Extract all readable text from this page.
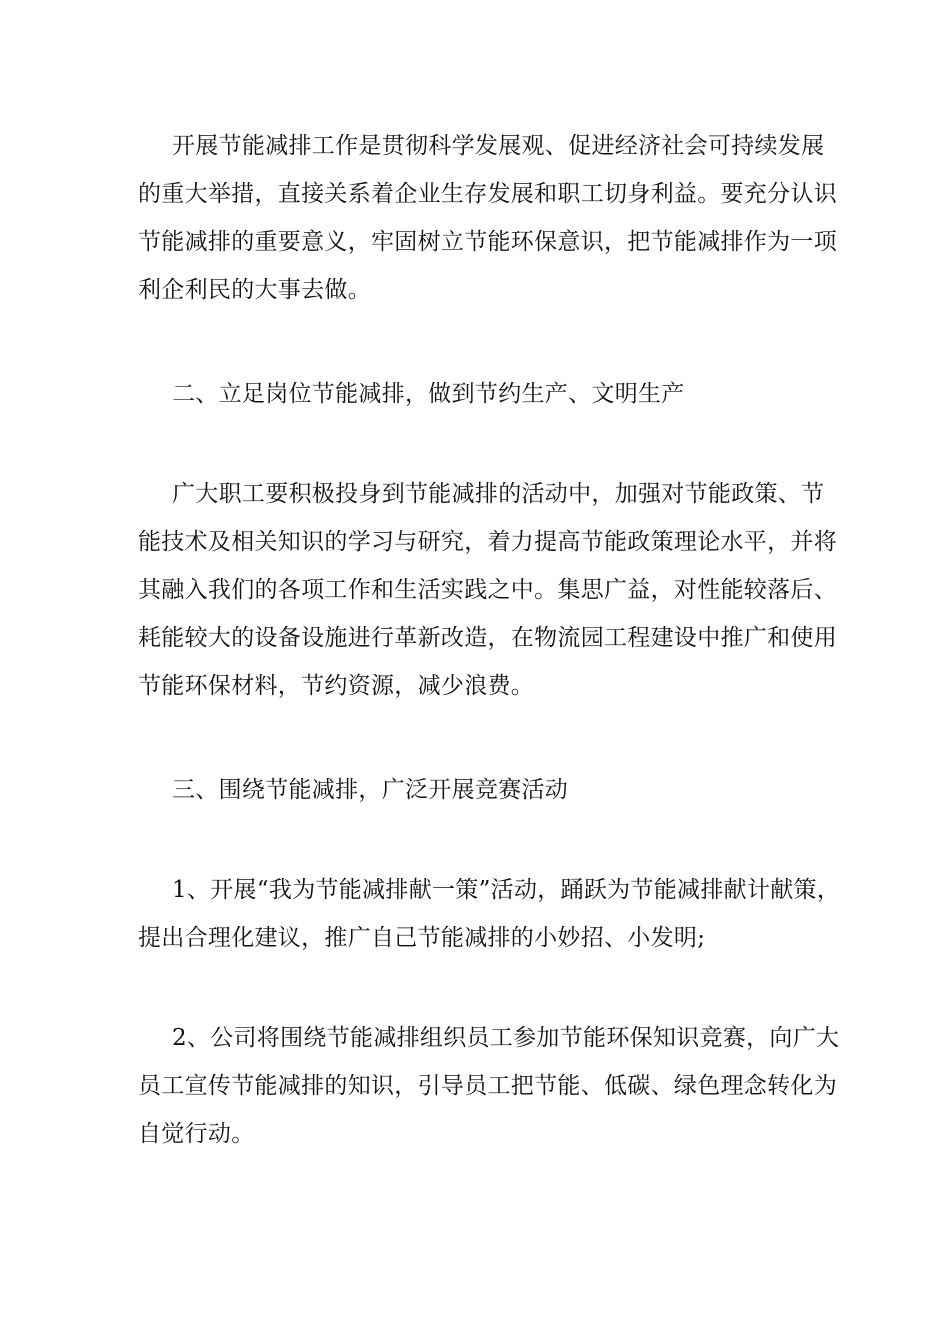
开展节能减排工作是贯彻科学发展观、促进经济社会可持续发展
的重大举措，直接关系着企业生存发展和职工切身利益。要充分认识
节能减排的重要意义，牢固树立节能环保意识，把节能减排作为一项
利企利民的大事去做。

二、立足岗位节能减排，做到节约生产、文明生产

广大职工要积极投身到节能减排的活动中，加强对节能政策、节
能技术及相关知识的学习与研究，着力提高节能政策理论水平，并将
其融入我们的各项工作和生活实践之中。集思广益，对性能较落后、
耗能较大的设备设施进行革新改造，在物流园工程建设中推广和使用
节能环保材料，节约资源，减少浪费。

三、围绕节能减排，广泛开展竞赛活动

1、开展“我为节能减排献一策”活动，踊跃为节能减排献计献策，
提出合理化建议，推广自己节能减排的小妙招、小发明;

2、公司将围绕节能减排组织员工参加节能环保知识竞赛，向广大
员工宣传节能减排的知识，引导员工把节能、低碳、绿色理念转化为
自觉行动。
